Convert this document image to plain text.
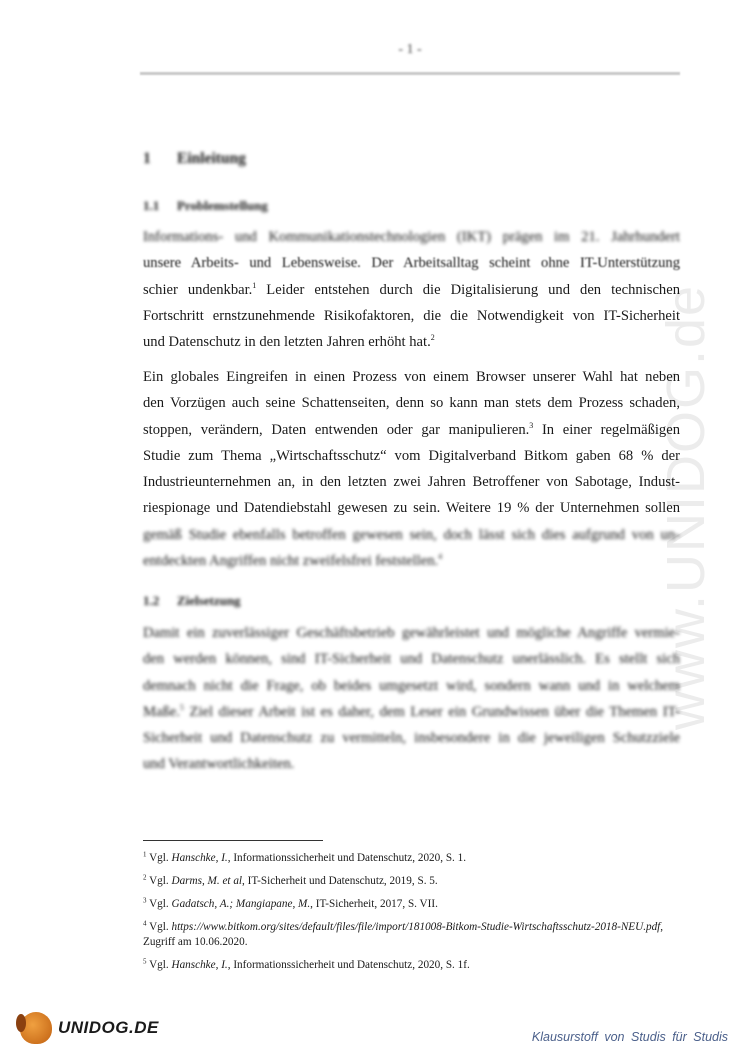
- 1 -
www.UNIDOG.de
1 Einleitung
1.1 Problemstellung
Informations- und Kommunikationstechnologien (IKT) prägen im 21. Jahrhundert
unsere Arbeits- und Lebensweise. Der Arbeitsalltag scheint ohne IT-Unterstützung
schier undenkbar.$^1$ Leider entstehen durch die Digitalisierung und den technischen
Fortschritt ernstzunehmende Risikofaktoren, die die Notwendigkeit von IT-Sicherheit
und Datenschutz in den letzten Jahren erhöht hat.$^2$
Ein globales Eingreifen in einen Prozess von einem Browser unserer Wahl hat neben
den Vorzügen auch seine Schattenseiten, denn so kann man stets dem Prozess schaden,
stoppen, verändern, Daten entwenden oder gar manipulieren.$^3$ In einer regelmäßigen
Studie zum Thema „Wirtschaftsschutz“ vom Digitalverband Bitkom gaben 68 % der
Industrieunternehmen an, in den letzten zwei Jahren Betroffener von Sabotage, Indust-
riespionage und Datendiebstahl gewesen zu sein. Weitere 19 % der Unternehmen sollen
gemäß Studie ebenfalls betroffen gewesen sein, doch lässt sich dies aufgrund von un-
entdeckten Angriffen nicht zweifelsfrei feststellen.$^4$
1.2 Zielsetzung
Damit ein zuverlässiger Geschäftsbetrieb gewährleistet und mögliche Angriffe vermie-
den werden können, sind IT-Sicherheit und Datenschutz unerlässlich. Es stellt sich
demnach nicht die Frage, ob beides umgesetzt wird, sondern wann und in welchem
Maße.$^5$ Ziel dieser Arbeit ist es daher, dem Leser ein Grundwissen über die Themen IT-
Sicherheit und Datenschutz zu vermitteln, insbesondere in die jeweiligen Schutzziele
und Verantwortlichkeiten.
$^1$ Vgl. Hanschke, I., Informationssicherheit und Datenschutz, 2020, S. 1.
$^2$ Vgl. Darms, M. et al, IT-Sicherheit und Datenschutz, 2019, S. 5.
$^3$ Vgl. Gadatsch, A.; Mangiapane, M., IT-Sicherheit, 2017, S. VII.
$^4$ Vgl. https://www.bitkom.org/sites/default/files/file/import/181008-Bitkom-Studie-Wirtschaftsschutz-2018-NEU.pdf, Zugriff am 10.06.2020.
$^5$ Vgl. Hanschke, I., Informationssicherheit und Datenschutz, 2020, S. 1f.
UNIDOG.DE	Klausurstoff von Studis für Studis
